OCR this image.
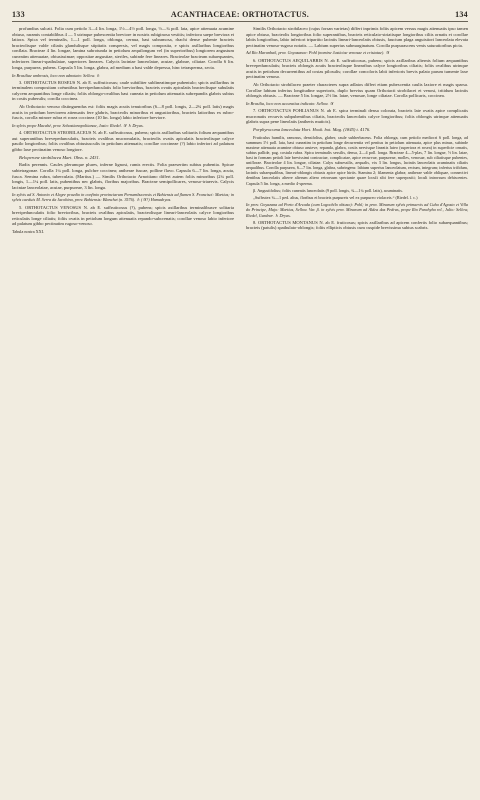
133	ACANTHACEAE: ORTHOTACTUS.	134

profundius sulcati. Folia cum petiolo 3—4 lin. longa, 1½—4½ poll. longa, ½—¾ poll. lata, apice attenuata acumine obtuso, raramis contabilibus 4 — 5 utrinque pubescentia breviore in nostris rubiginosa vestitis; inferiora saepe breviora et latiora. Spica vel terminalis, 1—1 poll. longa, oblonga, cernua, basi subramosa, rhachi dense pubente bracteis bracteolisque valde ciliatis glandulisque stipitatis conspersis, vel magis composita, e spicis axillaribus longioribus conflata. Bracteae 4 lin. longae, lamina subrotunda in petiolum aequilongum vel (in superioribus) longiorem angustum cuneatim attenuatae, obtusissimae; oppositae angustiae, steriles, subinde fere lineares. Bracteolae bracteam subaequantes, inferiores lineari-spathulatae, superiores lineares. Calycis laciniae lanceolatae, acutae, glabrae, ciliatae. Corolla 6 lin. longa, purpurea, pubens. Capsula 5 lin. longa, glabra, ad medium a basi valde depressa, hinc tetrasperma, secta.

In Brasiliae umbrosis, loco non adnotato: Sellow. ♄

3. ORTHOTACTUS ROSEUS N. ab E. suffruticosus; caule subtiliter sublineatimque pubentulo; spicis axillaribus in terminalem compositam coëuntibus brevipedunculatis folio brevioribus, bracteis ovatis apiculatis bracteolisque subulatis calycem aequantibus longe ciliatis; foliis oblongo-ovalibus basi cuneata in petiolum attenuatis subrepandis glabris subtus in costis puberulis; corolla coccinea.

Ab Orthotacto venoso distinguendus est: foliis magis acutis tenuioribus (6—8 poll. longis, 2—2¾ poll. latis) magis acutis in petiolum breviorem attenuatis fere glabris, bracteolis minoribus et angustioribus, bracteis latioribus ex rubro-fuscis, corolla minore rubra et rosea coccinea (10 lin. longa) labio inferiore breviore.

In sylvis prope Macahé, prov. Sebastianopolitanae, Jasio: Riedel. ♃ ♄ Dryas.

4. ORTHOTACTUS STROBILACEUS N. ab E. suffruticosus, pubens; spicis axillaribus solitariis folium aequantibus aut superantibus brevepedunculatis, bracteis ovalibus mucronulatis, bracteolis ovatis apiculatis bracteolisque calyce pauilo longioribus; foliis ovalibus obtusiusculis in petiolum attenuatis; corollae coccineae (?) labio inferiori ad palatum gibbo laxe pectinatim venoso longiore.

Beloperone strobilacea Mart. Obss. n. 2431.

Radix perennis. Caules plerumque plures, inferne lignosi, ramis erectis. Folia praesertim subtus pubentia. Spicae subtetragonae. Corolla 1¼ poll. longa, pulchre coccinea; antherae fuscae, polline flavo. Capsula 6—7 lin. longa, acuta, fusca. Semina rubra, tuberculata. (Martius.) — Similis Orthotacto Arnottiano differt autem foliis minoribus (2¼ poll. longis, 1—1¼ poll. latis, pubentibus nec glabris, floribus majoribus. Bracteae semipollicares, venoso-triaervis. Calycis laciniae lanceolatae, acutae, purpureae, 3 lin. longa.

In sylvis ad S. Antonio et Alegre praedio in confinio provinciarum Pernambucensis et Bahiensis ad flumen S. Francisci: Martius; in sylvis caeduis M. Serra da Jacobina, prov. Bahiensis: Blanchet (n. 3576). ♄ (♃?) Hamadryas.

5. ORTHOTACTUS VENOSUS N. ab E. suffruticosus (?), pubens; spicis axillaribus terminalibusve solitaria brevipedunculatis folio brevioribus, bracteis ovalibus apiculatis, bracteolisque lineari-lanceolatis calyce longioribus reticulatis longe ciliatis; foliis ovatis in petiolum longum attenuatis repando-subcrenatis; corollae venoso labio inferiore ad palatum gibbo pectinatim rugoso-venoso.

Tabula nostra XXI.

Similis Orthotacto strobilaceo (cujus forsan varietas) differt inprimis foliis apicem versus magis attenuatis ipso tamen apice obtuso, bracteolis longioribus folio superantibus, bracteis reticulato-striatisque longioribus ciliis ornatis et corollae labiis longioribus, labio inferiori tripartito laciniis lineari-lanceolatis obtusis, faucium plaga anguistiori lanceolata elevata pectinatim venoso-rugoso notatis. — Labium superius submarginatum. Corolla purpurascens venis saturatioribus picta.

Ad Rio Maranhaõ, prov. Goyazanae: Pohl (nomine Justiciae venosae et cristatae). ♃

6. ORTHOTACTUS AEQUILABRIS N. ab E. suffruticosus, pubens; spicis axillaribus alternis folium aequantibus brevepedunculatis; bracteis oblongis acutis bracteolisque linearibus calyce longioribus ciliatis; foliis ovalibus utrinque acutis in petiolum decurrentibus ad costas pilosulis; corollae concoloris labii inferioris brevis palato parum tumente laxe pectinatim venoso.

Ab Orthotacto strobilaceo praeter characteres supra adlatos differt etiam pubescentia caulis laxiore et magis sparsa. Corollae labium inferius longitudine superioris, duplo brevius quam Orthotacti strobilacei et venosi, tritidum laciniis oblongis obtusis. — Bracteae 5 lin. longae, 2½ lin. latae, venosae, longe ciliatae. Corolla pollicaris, coccinea.

In Brasilia, loco non accuratius indicato: Sellow. ♃

7. ORTHOTACTUS POHLIANUS N. ab E. spica terminali densa colorata, bracteis late ovatis apice complicatis mucronatis recurvis subpubentibus ciliatis, bracteolis lanceolatis calyce longioribus; foliis oblongis utrinque attenuatis glabris supra pene lineolatis (antheris muticis).

Porphyrocoma lanceolata Hort. Hook. bot. Mag. (1845) t. 4176.

Fruticulus humilis, ramosus, densifolius, glaber, caule subherbaceus. Folia oblonga, cum petiolo mediocri 6 poll. longa, ad summum 1½ poll. lata, basi cuneatim in petiolum longe decurrentia vel penitus in petiolum attenuata, apice plus minus, subinde maxime attenuata acumine obtuso aruteve, repanda, glabra, costis nervisque lineatis luteo (superiora et rosea) in superficie ornatis, subtus pallide, pag. costula rubra. Spica terminalis sessilis, densa, 2—4 poll. longa. Bracteae 4—5-plas, 7 lin. longae, ½ lin. latae, basi in formam petioli late brevissimi contractae, complicatae, apice recurvae, purpureae, molles, venosae, sub ciliatisque pubentes, uniflorae. Bracteolae 4 lin. longae, ciliatae. Calyx subsessilis, aequalis, vix 3 lin. longus, laciniis lanceolatis acuminatis ciliatis aequalibus. Corolla purpurea, 6—7 lin. longa, glabra, subringens: labium superius lanceolatum, rectum, integrum; inferius trifidum, laciniis subaequalibus, lineari-oblongis obtusis apice apice hirtis. Stamina 2; filamenta glabra; antherae valde obliquae, connectivi dentibus lanceolatis alterre alterum altero retrorsum spectante quare loculi sibi fere superpositi; loculi introrsum dehiscentes. Capsula 5 lin. longa, a medio 4-sperma.

β. Angustifolius; foliis cuneatis lanceolatis (9 poll. longis, ¾—1¼ poll. latis), acuminatis.

„Suffrutex ¾—1 ped. altus, floribus et bracteis purpureis vel ex purpureo violaceis.“ (Riedel. l. c.)

In prov. Goyazana ad Porto d'Arcada (cum Logochilo obtuso): Pohl; in prov. Minarum sylvis primaevis ad Cuba d'Agosto et Villa do Principe, Majo: Martius, Sellow. Var. β. in sylvis prov. Minarum ad Aldea das Pedras, prope Rio Parahyba rel., Julio: Sellow, Riedel, Gardner. ♄ Dryas.

8. ORTHOTACTUS MONTANUS N. ab E. fruticosus; spicis axillaribus ad apicem confertis folio subaequantibus; bracteis (patulis) spathulato-oblongis; foliis ellipticis obtusis cum cuspide brevissima subtus scabris.
